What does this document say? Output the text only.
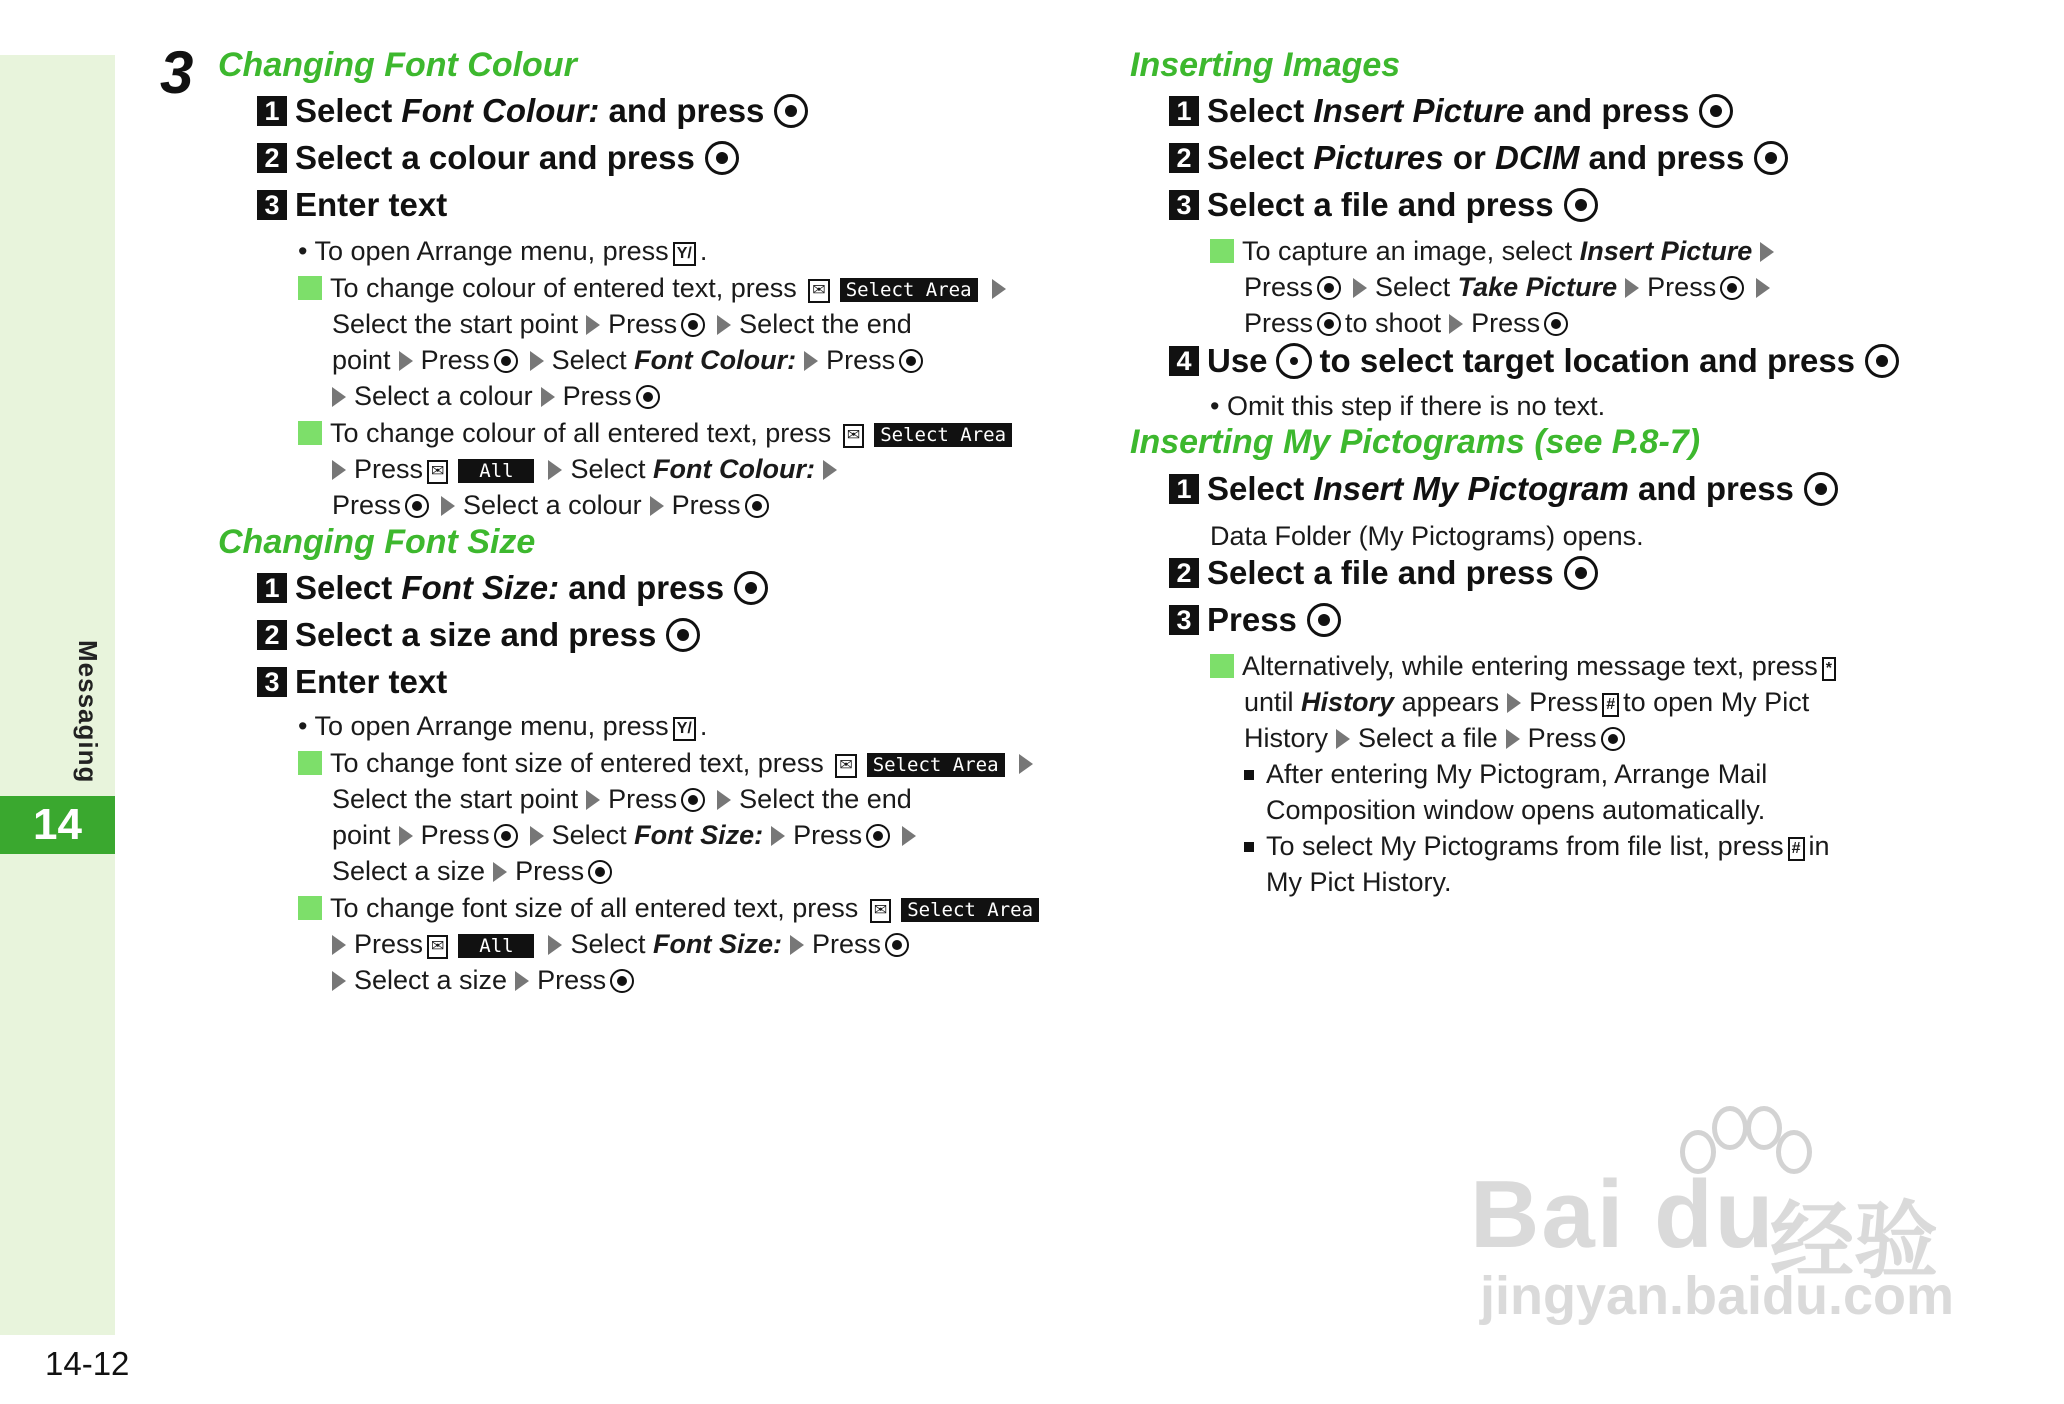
Messaging
14
14-12
3 Changing Font Colour
1 Select
Font Colour:
and press
2 Select a colour and press
3 Enter text
• To open Arrange menu, press Y/ .
To change colour of entered text, press ✉ Select Area
Select the start point Press Select the end
point Press Select Font Colour: Press
Select a colour Press
To change colour of all entered text, press ✉ Select Area
Press ✉ All Select Font Colour:
Press Select a colour Press
Changing Font Size
1 Select
Font Size:
and press
2 Select a size and press
3 Enter text
• To open Arrange menu, press Y/ .
To change font size of entered text, press ✉ Select Area
Select the start point Press Select the end
point Press Select Font Size: Press
Select a size Press
To change font size of all entered text, press ✉ Select Area
Press ✉ All Select Font Size: Press
Select a size Press
Inserting Images
1 Select
Insert Picture
and press
2 Select
Pictures
or
DCIM
and press
3 Select a file and press
To capture an image, select Insert Picture
Press Select Take Picture Press
Press to shoot Press
4 Use to select target location and press
• Omit this step if there is no text.
Inserting My Pictograms (see P.8-7)
1 Select
Insert My Pictogram
and press
Data Folder (My Pictograms) opens.
2 Select a file and press
3 Press
Alternatively, while entering message text, press *
until History appears Press # to open My Pict
History Select a file Press
After entering My Pictogram, Arrange Mail
Composition window opens automatically.
To select My Pictograms from file list, press # in
My Pict History.
Bai du
经验
jingyan.baidu.com
